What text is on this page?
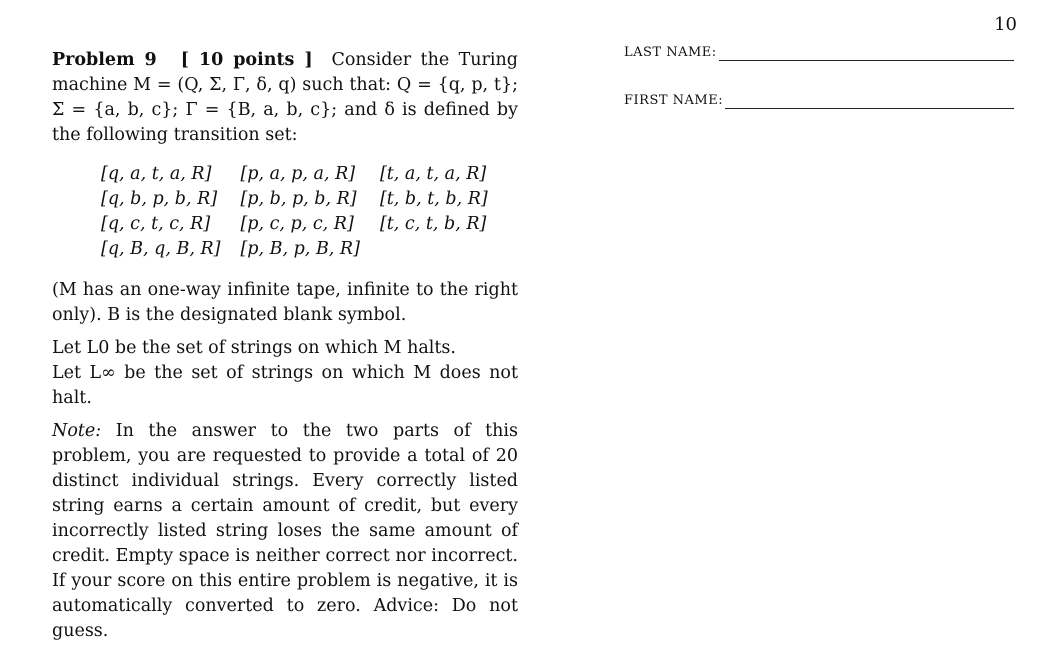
10

Problem 9 [ 10 points ] Consider the Turing machine M = (Q, Σ, Γ, δ, q) such that: Q = {q, p, t}; Σ = {a, b, c}; Γ = {B, a, b, c}; and δ is defined by the following transition set:

[q, a, t, a, R]	[p, a, p, a, R]	[t, a, t, a, R]
[q, b, p, b, R]	[p, b, p, b, R]	[t, b, t, b, R]
[q, c, t, c, R]	[p, c, p, c, R]	[t, c, t, b, R]
[q, B, q, B, R]	[p, B, p, B, R]	

(M has an one-way infinite tape, infinite to the right only). B is the designated blank symbol.

Let L0 be the set of strings on which M halts.

Let L∞ be the set of strings on which M does not halt.

Note: In the answer to the two parts of this problem, you are requested to provide a total of 20 distinct individual strings. Every correctly listed string earns a certain amount of credit, but every incorrectly listed string loses the same amount of credit. Empty space is neither correct nor incorrect. If your score on this entire problem is negative, it is automatically converted to zero. Advice: Do not guess.

LAST NAME:
FIRST NAME:
